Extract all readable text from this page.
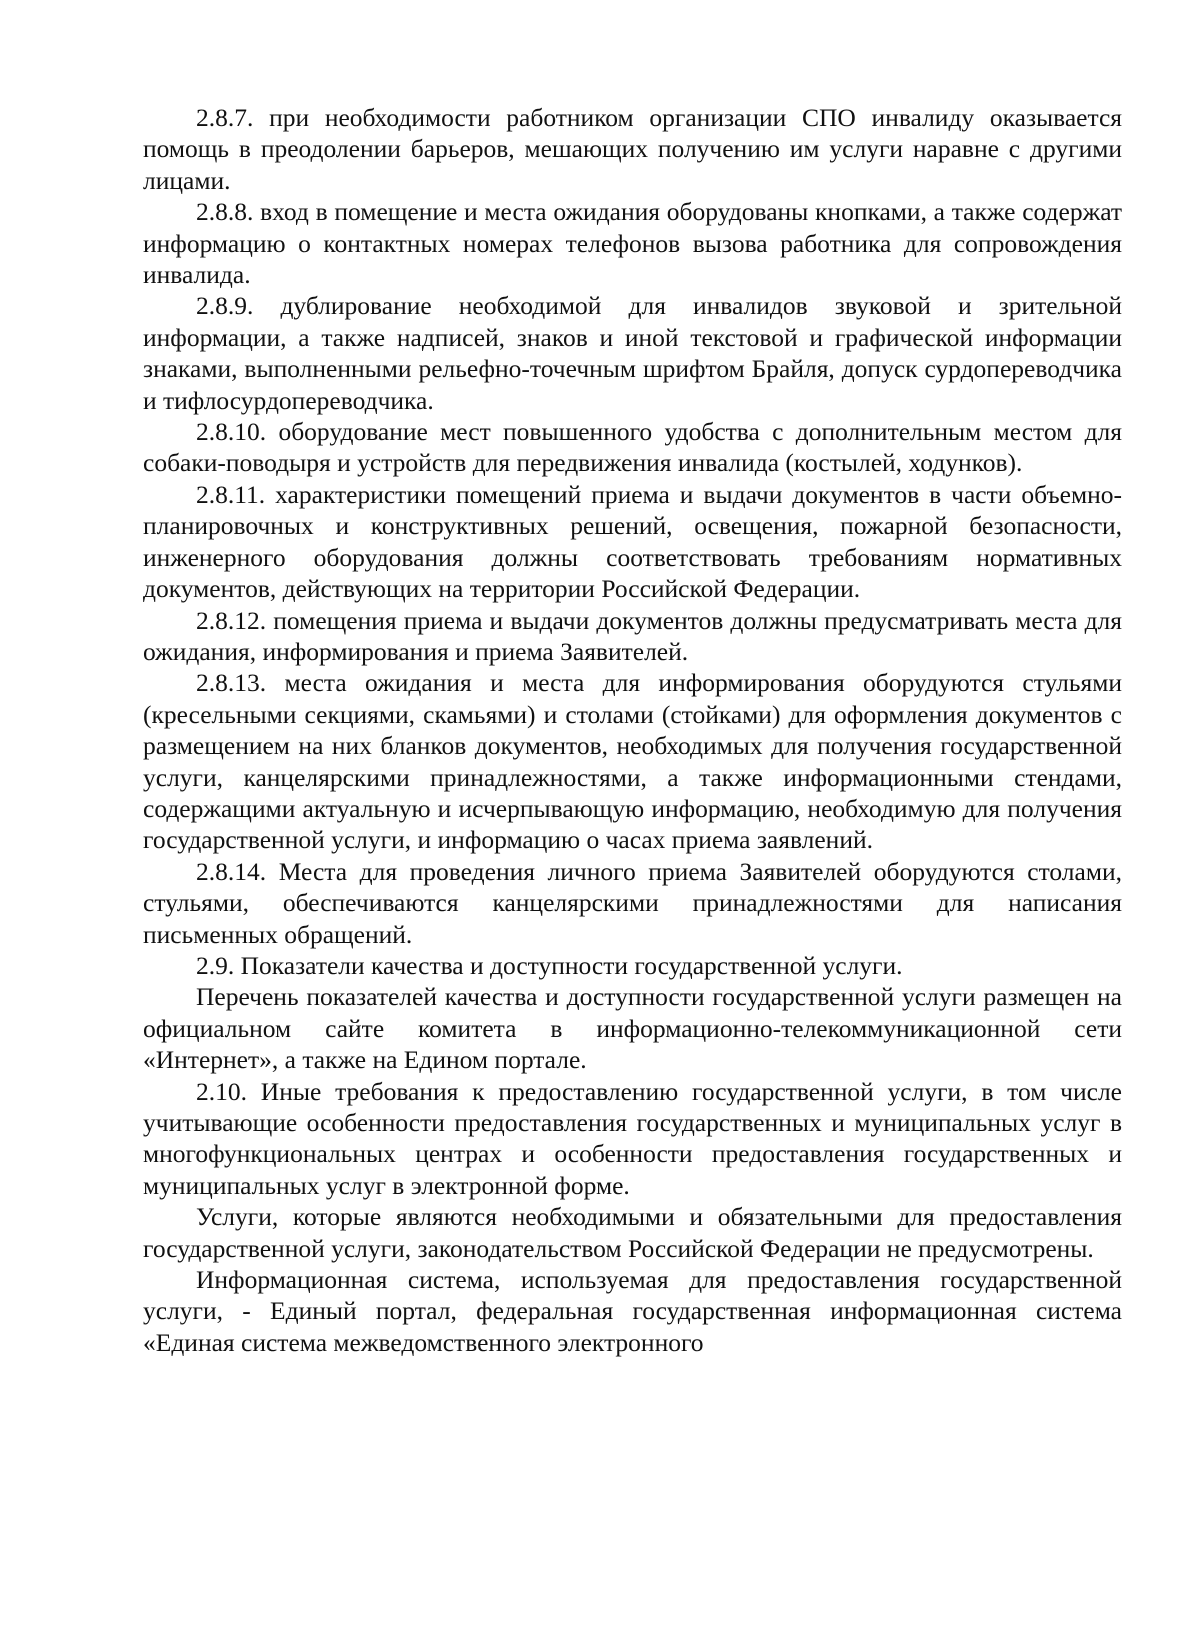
2.8.7. при необходимости работником организации СПО инвалиду оказывается помощь в преодолении барьеров, мешающих получению им услуги наравне с другими лицами.

2.8.8. вход в помещение и места ожидания оборудованы кнопками, а также содержат информацию о контактных номерах телефонов вызова работника для сопровождения инвалида.

2.8.9. дублирование необходимой для инвалидов звуковой и зрительной информации, а также надписей, знаков и иной текстовой и графической информации знаками, выполненными рельефно-точечным шрифтом Брайля, допуск сурдопереводчика и тифлосурдопереводчика.

2.8.10. оборудование мест повышенного удобства с дополнительным местом для собаки-поводыря и устройств для передвижения инвалида (костылей, ходунков).

2.8.11. характеристики помещений приема и выдачи документов в части объемно-планировочных и конструктивных решений, освещения, пожарной безопасности, инженерного оборудования должны соответствовать требованиям нормативных документов, действующих на территории Российской Федерации.

2.8.12. помещения приема и выдачи документов должны предусматривать места для ожидания, информирования и приема Заявителей.

2.8.13. места ожидания и места для информирования оборудуются стульями (кресельными секциями, скамьями) и столами (стойками) для оформления документов с размещением на них бланков документов, необходимых для получения государственной услуги, канцелярскими принадлежностями, а также информационными стендами, содержащими актуальную и исчерпывающую информацию, необходимую для получения государственной услуги, и информацию о часах приема заявлений.

2.8.14. Места для проведения личного приема Заявителей оборудуются столами, стульями, обеспечиваются канцелярскими принадлежностями для написания письменных обращений.

2.9. Показатели качества и доступности государственной услуги.

Перечень показателей качества и доступности государственной услуги размещен на официальном сайте комитета в информационно-телекоммуникационной сети «Интернет», а также на Едином портале.

2.10. Иные требования к предоставлению государственной услуги, в том числе учитывающие особенности предоставления государственных и муниципальных услуг в многофункциональных центрах и особенности предоставления государственных и муниципальных услуг в электронной форме.

Услуги, которые являются необходимыми и обязательными для предоставления государственной услуги, законодательством Российской Федерации не предусмотрены.

Информационная система, используемая для предоставления государственной услуги, - Единый портал, федеральная государственная информационная система «Единая система межведомственного электронного
